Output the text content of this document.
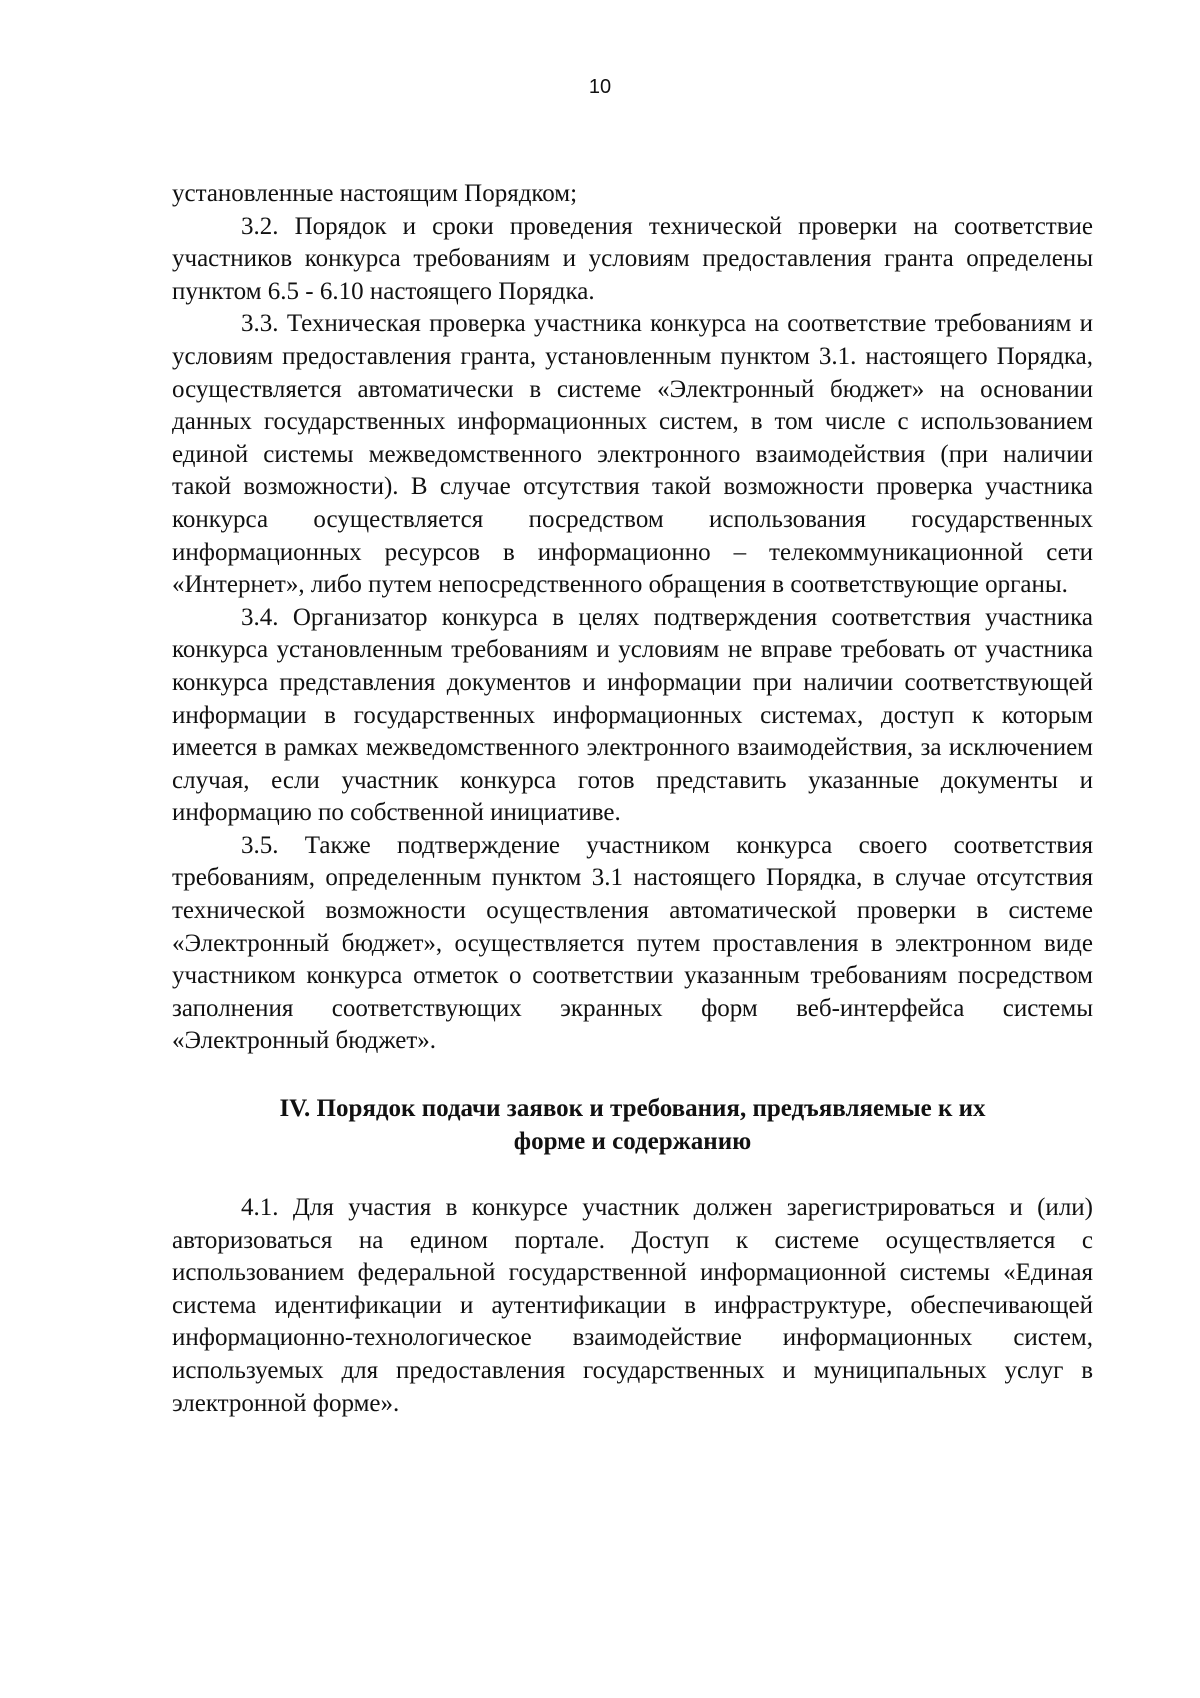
10

установленные настоящим Порядком;

3.2. Порядок и сроки проведения технической проверки на соответствие участников конкурса требованиям и условиям предоставления гранта определены пунктом 6.5 - 6.10 настоящего Порядка.

3.3. Техническая проверка участника конкурса на соответствие требованиям и условиям предоставления гранта, установленным пунктом 3.1. настоящего Порядка, осуществляется автоматически в системе «Электронный бюджет» на основании данных государственных информационных систем, в том числе с использованием единой системы межведомственного электронного взаимодействия (при наличии такой возможности). В случае отсутствия такой возможности проверка участника конкурса осуществляется посредством использования государственных информационных ресурсов в информационно – телекоммуникационной сети «Интернет», либо путем непосредственного обращения в соответствующие органы.

3.4. Организатор конкурса в целях подтверждения соответствия участника конкурса установленным требованиям и условиям не вправе требовать от участника конкурса представления документов и информации при наличии соответствующей информации в государственных информационных системах, доступ к которым имеется в рамках межведомственного электронного взаимодействия, за исключением случая, если участник конкурса готов представить указанные документы и информацию по собственной инициативе.

3.5. Также подтверждение участником конкурса своего соответствия требованиям, определенным пунктом 3.1 настоящего Порядка, в случае отсутствия технической возможности осуществления автоматической проверки в системе «Электронный бюджет», осуществляется путем проставления в электронном виде участником конкурса отметок о соответствии указанным требованиям посредством заполнения соответствующих экранных форм веб-интерфейса системы «Электронный бюджет».

IV. Порядок подачи заявок и требования, предъявляемые к их
форме и содержанию

4.1. Для участия в конкурсе участник должен зарегистрироваться и (или) авторизоваться на едином портале. Доступ к системе осуществляется с использованием федеральной государственной информационной системы «Единая система идентификации и аутентификации в инфраструктуре, обеспечивающей информационно-технологическое взаимодействие информационных систем, используемых для предоставления государственных и муниципальных услуг в электронной форме».
